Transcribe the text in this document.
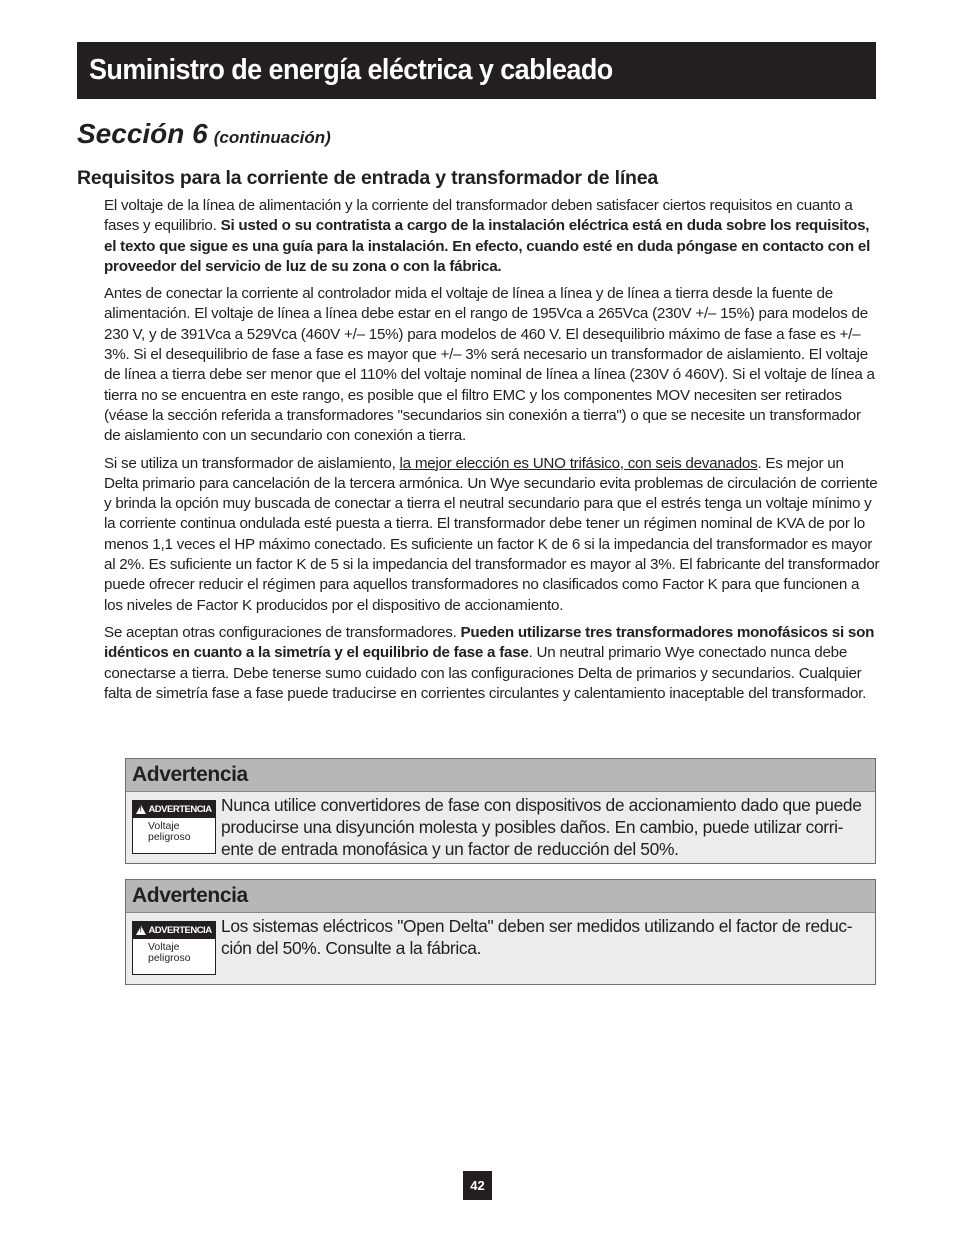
Suministro de energía eléctrica y cableado
Sección 6 (continuación)
Requisitos para la corriente de entrada y transformador de línea

El voltaje de la línea de alimentación y la corriente del transformador deben satisfacer ciertos requisitos en cuanto a fases y equilibrio. Si usted o su contratista a cargo de la instalación eléctrica está en duda sobre los requisitos, el texto que sigue es una guía para la instalación. En efecto, cuando esté en duda póngase en contacto con el proveedor del servicio de luz de su zona o con la fábrica.

Antes de conectar la corriente al controlador mida el voltaje de línea a línea y de línea a tierra desde la fuente de alimentación. El voltaje de línea a línea debe estar en el rango de 195Vca a 265Vca (230V +/– 15%) para modelos de 230 V, y de 391Vca a 529Vca (460V +/– 15%) para modelos de 460 V. El desequilibrio máximo de fase a fase es +/– 3%. Si el desequilibrio de fase a fase es mayor que +/– 3% será necesario un transformador de aislamiento. El voltaje de línea a tierra debe ser menor que el 110% del voltaje nominal de línea a línea (230V ó 460V). Si el voltaje de línea a tierra no se encuentra en este rango, es posible que el filtro EMC y los componentes MOV necesiten ser retirados (véase la sección referida a transformadores "secundarios sin conexión a tierra") o que se necesite un transformador de aislamiento con un secundario con conexión a tierra.

Si se utiliza un transformador de aislamiento, la mejor elección es UNO trifásico, con seis devanados. Es mejor un Delta primario para cancelación de la tercera armónica. Un Wye secundario evita problemas de circulación de corriente y brinda la opción muy buscada de conectar a tierra el neutral secundario para que el estrés tenga un voltaje mínimo y la corriente continua ondulada esté puesta a tierra. El transformador debe tener un régimen nominal de KVA de por lo menos 1,1 veces el HP máximo conectado. Es suficiente un factor K de 6 si la impedancia del transformador es mayor al 2%. Es suficiente un factor K de 5 si la impedancia del transformador es mayor al 3%. El fabricante del transformador puede ofrecer reducir el régimen para aquellos transformadores no clasificados como Factor K para que funcionen a los niveles de Factor K producidos por el dispositivo de accionamiento.

Se aceptan otras configuraciones de transformadores. Pueden utilizarse tres transformadores monofásicos si son idénticos en cuanto a la simetría y el equilibrio de fase a fase. Un neutral primario Wye conectado nunca debe conectarse a tierra. Debe tenerse sumo cuidado con las configuraciones Delta de primarios y secundarios. Cualquier falta de simetría fase a fase puede traducirse en corrientes circulantes y calentamiento inaceptable del transformador.

Advertencia
!
ADVERTENCIA
Voltaje
peligroso

Nunca utilice convertidores de fase con dispositivos de accionamiento dado que puede producirse una disyunción molesta y posibles daños. En cambio, puede utilizar corri-ente de entrada monofásica y un factor de reducción del 50%.

Advertencia
!
ADVERTENCIA
Voltaje
peligroso

Los sistemas eléctricos "Open Delta" deben ser medidos utilizando el factor de reduc-ción del 50%. Consulte a la fábrica.

42
